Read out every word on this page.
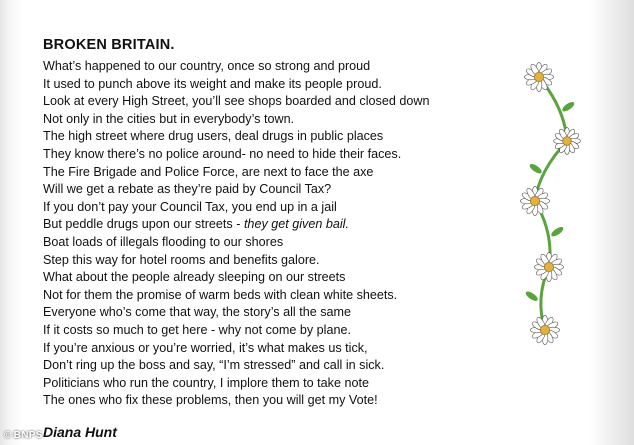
BROKEN BRITAIN.
What’s happened to our country, once so strong and proud
It used to punch above its weight and make its people proud.
Look at every High Street, you’ll see shops boarded and closed down
Not only in the cities but in everybody’s town.
The high street where drug users, deal drugs in public places
They know there’s no police around- no need to hide their faces.
The Fire Brigade and Police Force, are next to face the axe
Will we get a rebate as they’re paid by Council Tax?
If you don’t pay your Council Tax, you end up in a jail
But peddle drugs upon our streets - they get given bail.
Boat loads of illegals flooding to our shores
Step this way for hotel rooms and benefits galore.
What about the people already sleeping on our streets
Not for them the promise of warm beds with clean white sheets.
Everyone who’s come that way, the story’s all the same
If it costs so much to get here - why not come by plane.
If you’re anxious or you’re worried, it’s what makes us tick,
Don’t ring up the boss and say, “I’m stressed” and call in sick.
Politicians who run the country, I implore them to take note
The ones who fix these problems, then you will get my Vote!
Diana Hunt
© BNPS
